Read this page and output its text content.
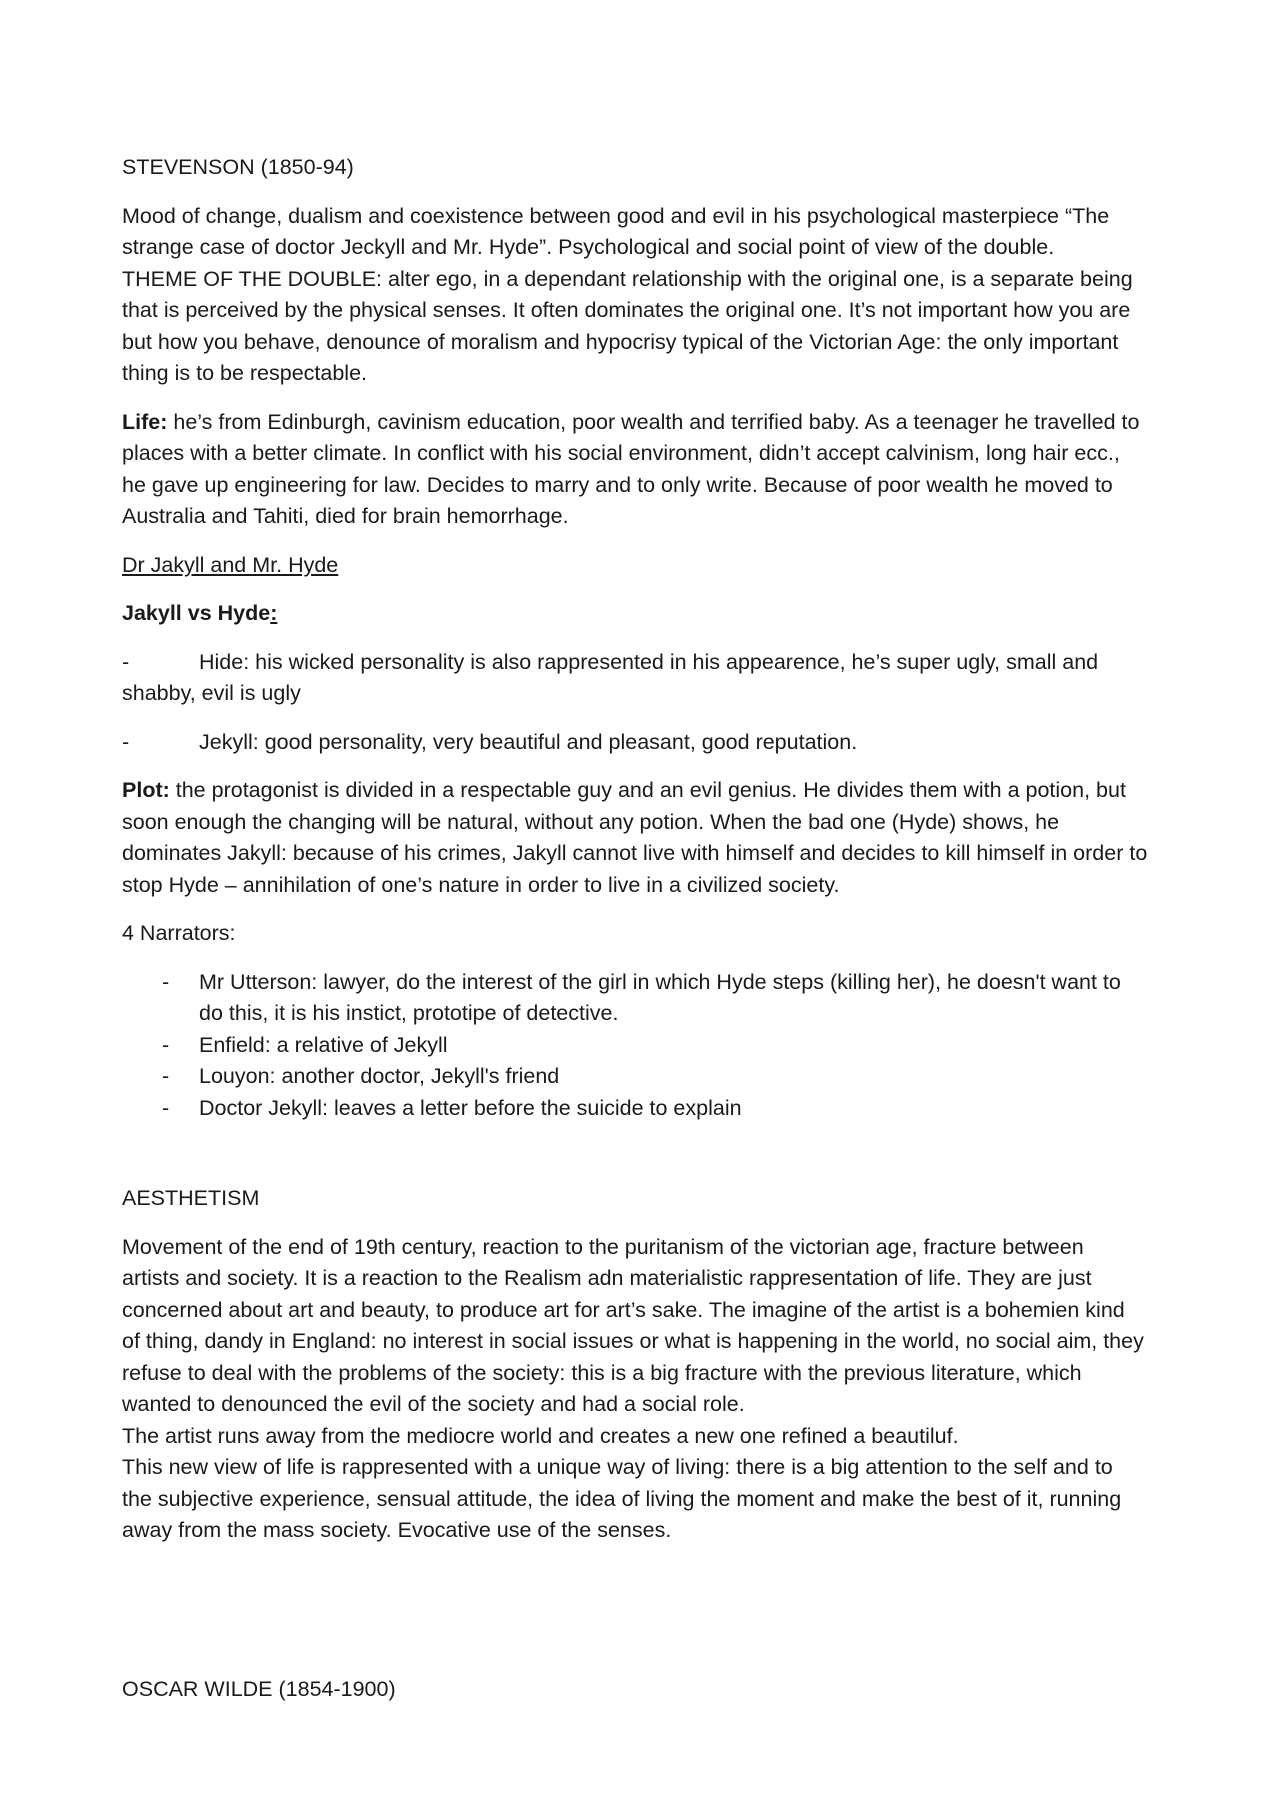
STEVENSON (1850-94)

Mood of change, dualism and coexistence between good and evil in his psychological masterpiece “The
strange case of doctor Jeckyll and Mr. Hyde”. Psychological and social point of view of the double.
THEME OF THE DOUBLE: alter ego, in a dependant relationship with the original one, is a separate being
that is perceived by the physical senses. It often dominates the original one. It’s not important how you are
but how you behave, denounce of moralism and hypocrisy typical of the Victorian Age: the only important
thing is to be respectable.
Life: he’s from Edinburgh, cavinism education, poor wealth and terrified baby. As a teenager he travelled to
places with a better climate. In conflict with his social environment, didn’t accept calvinism, long hair ecc.,
he gave up engineering for law. Decides to marry and to only write. Because of poor wealth he moved to
Australia and Tahiti, died for brain hemorrhage.

Dr Jakyll and Mr. Hyde

Jakyll vs Hyde:

-	Hide: his wicked personality is also rappresented in his appearence, he’s super ugly, small and
shabby, evil is ugly
-	Jekyll: good personality, very beautiful and pleasant, good reputation.
Plot: the protagonist is divided in a respectable guy and an evil genius. He divides them with a potion, but
soon enough the changing will be natural, without any potion. When the bad one (Hyde) shows, he
dominates Jakyll: because of his crimes, Jakyll cannot live with himself and decides to kill himself in order to
stop Hyde – annihilation of one’s nature in order to live in a civilized society.

4 Narrators:

- Mr Utterson: lawyer, do the interest of the girl in which Hyde steps (killing her), he doesn't want to
do this, it is his instict, prototipe of detective.
- Enfield: a relative of Jekyll
- Louyon: another doctor, Jekyll's friend
- Doctor Jekyll: leaves a letter before the suicide to explain

AESTHETISM

Movement of the end of 19th century, reaction to the puritanism of the victorian age, fracture between
artists and society. It is a reaction to the Realism adn materialistic rappresentation of life. They are just
concerned about art and beauty, to produce art for art’s sake. The imagine of the artist is a bohemien kind
of thing, dandy in England: no interest in social issues or what is happening in the world, no social aim, they
refuse to deal with the problems of the society: this is a big fracture with the previous literature, which
wanted to denounced the evil of the society and had a social role.
The artist runs away from the mediocre world and creates a new one refined a beautiluf.
This new view of life is rappresented with a unique way of living: there is a big attention to the self and to
the subjective experience, sensual attitude, the idea of living the moment and make the best of it, running
away from the mass society. Evocative use of the senses.

OSCAR WILDE (1854-1900)
